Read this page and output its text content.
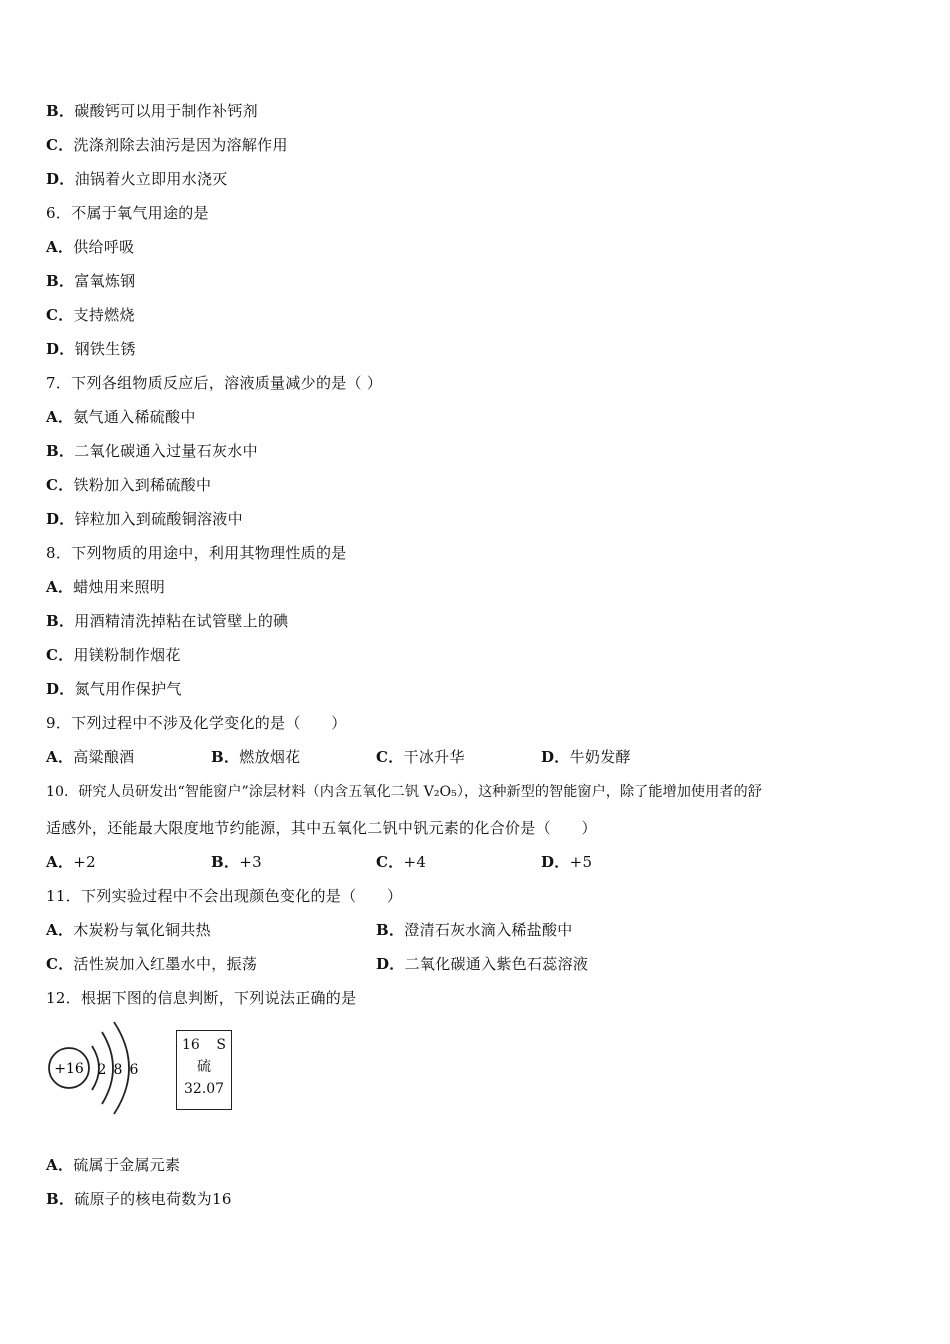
B．碳酸钙可以用于制作补钙剂
C．洗涤剂除去油污是因为溶解作用
D．油锅着火立即用水浇灭
6．不属于氧气用途的是
A．供给呼吸
B．富氧炼钢
C．支持燃烧
D．钢铁生锈
7．下列各组物质反应后，溶液质量减少的是（ ）
A．氨气通入稀硫酸中
B．二氧化碳通入过量石灰水中
C．铁粉加入到稀硫酸中
D．锌粒加入到硫酸铜溶液中
8．下列物质的用途中，利用其物理性质的是
A．蜡烛用来照明
B．用酒精清洗掉粘在试管壁上的碘
C．用镁粉制作烟花
D．氮气用作保护气
9．下列过程中不涉及化学变化的是（　　）
A．高粱酿酒	B．燃放烟花	C．干冰升华	D．牛奶发酵
10．研究人员研发出“智能窗户”涂层材料（内含五氧化二钒 V₂O₅），这种新型的智能窗户，除了能增加使用者的舒
适感外，还能最大限度地节约能源，其中五氧化二钒中钒元素的化合价是（　　）
A．+2	B．+3	C．+4	D．+5
11．下列实验过程中不会出现颜色变化的是（　　）
A．木炭粉与氧化铜共热	B．澄清石灰水滴入稀盐酸中
C．活性炭加入红墨水中，振荡	D．二氧化碳通入紫色石蕊溶液
12．根据下图的信息判断，下列说法正确的是
+16 2 8 6
16 S
硫
32.07
A．硫属于金属元素
B．硫原子的核电荷数为16
